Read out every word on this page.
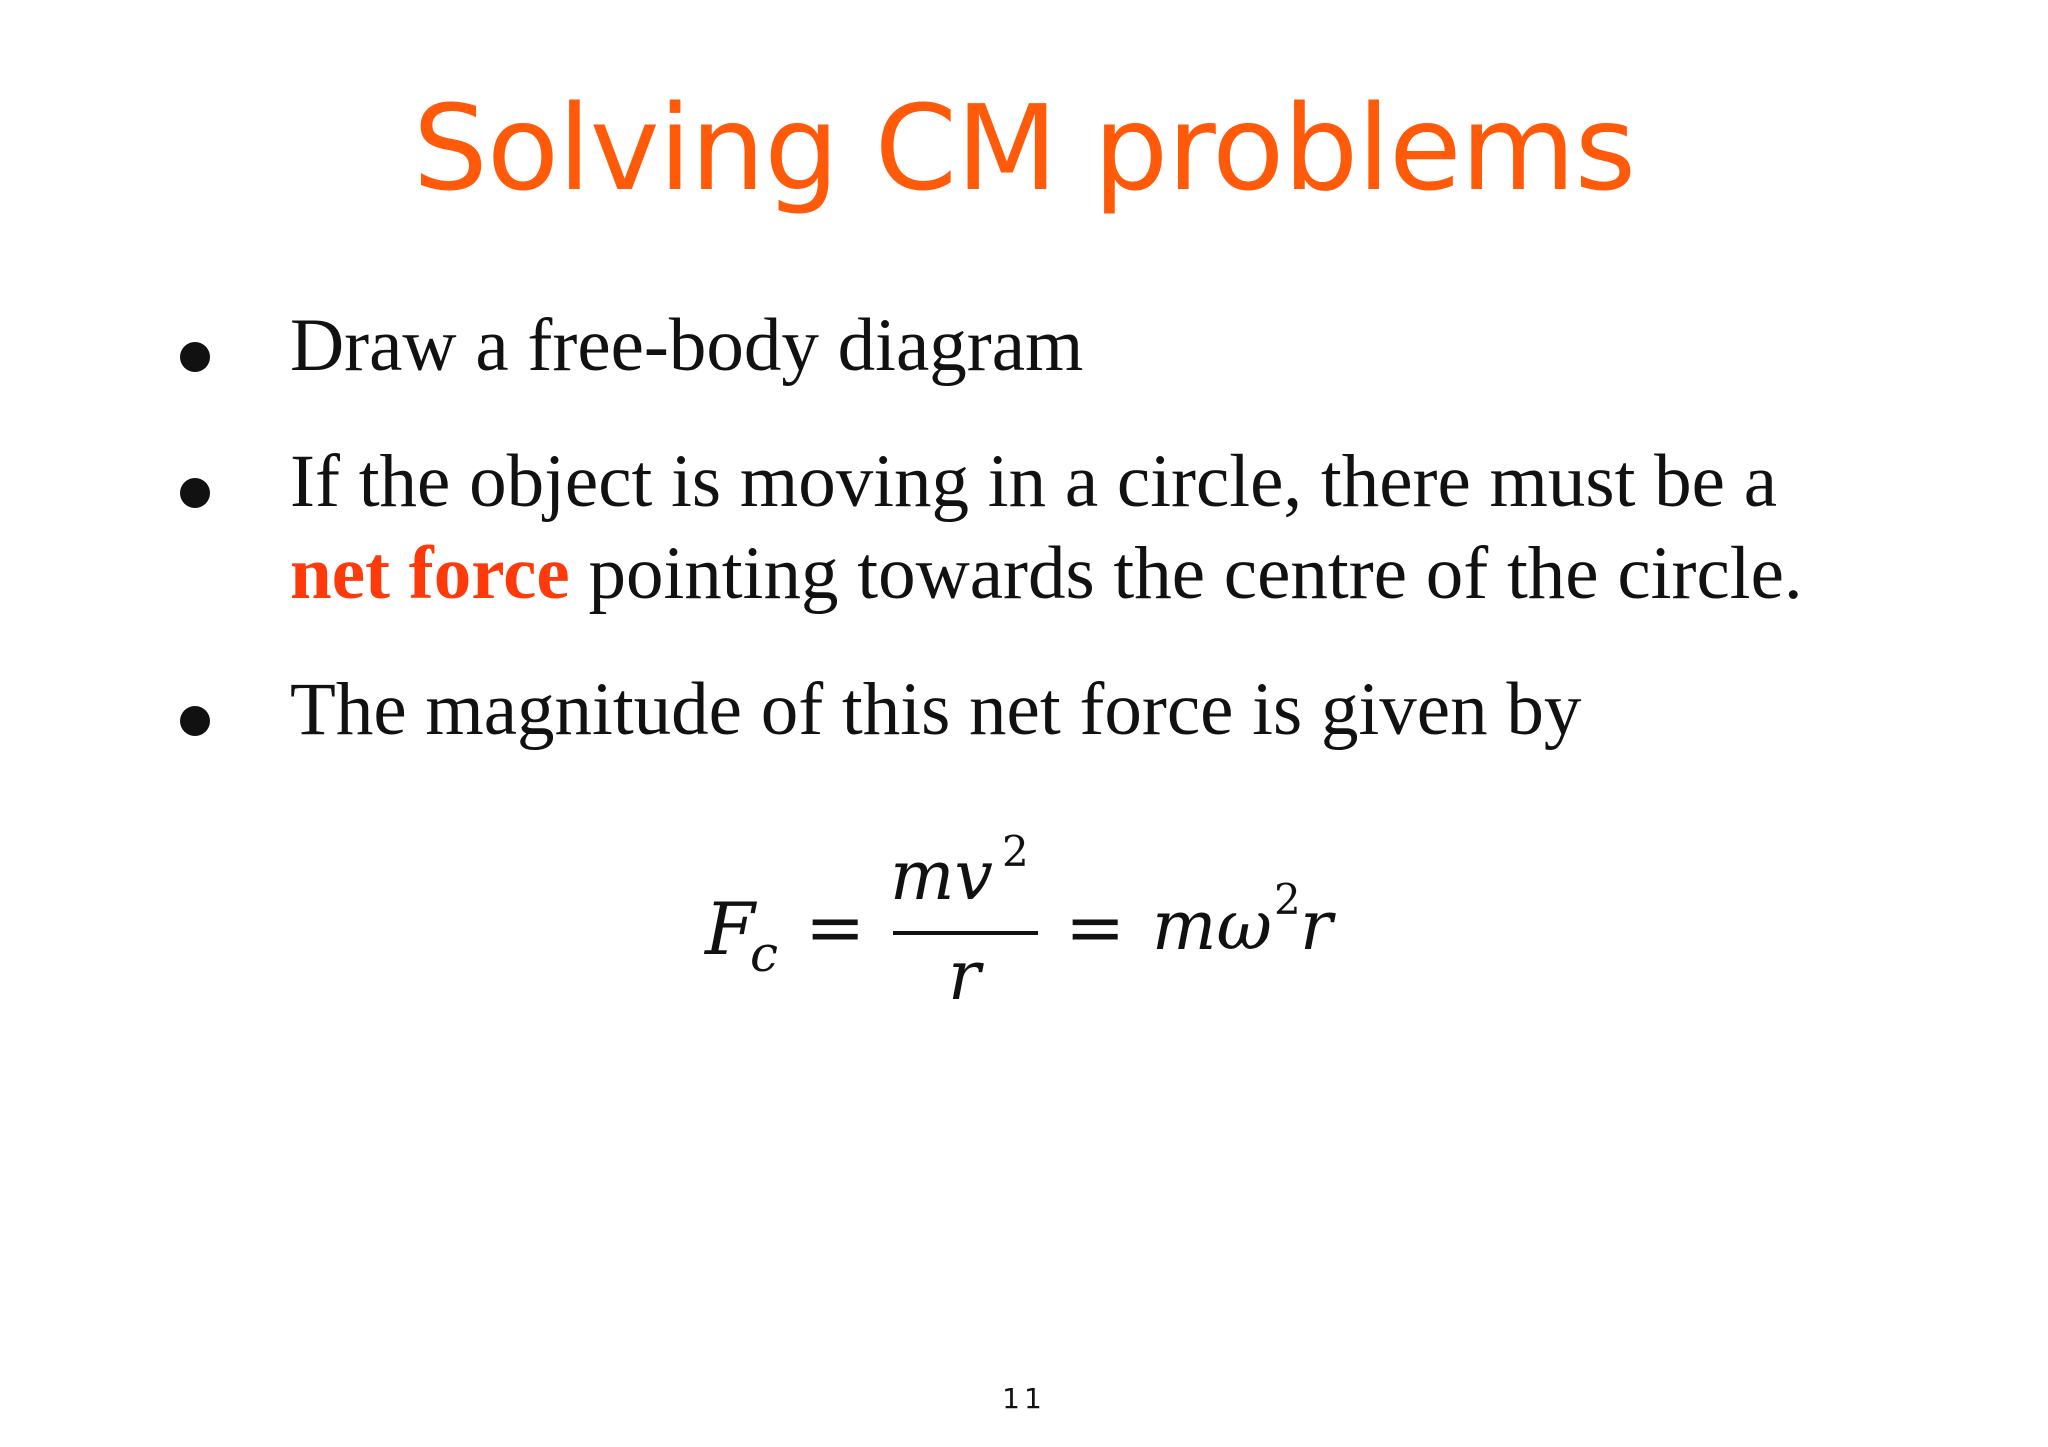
Solving CM problems
Draw a free-body diagram
If the object is moving in a circle, there must be a
net force pointing towards the centre of the circle.
The magnitude of this net force is given by
F
c =
mv 2
r
= mω 2 r
11
